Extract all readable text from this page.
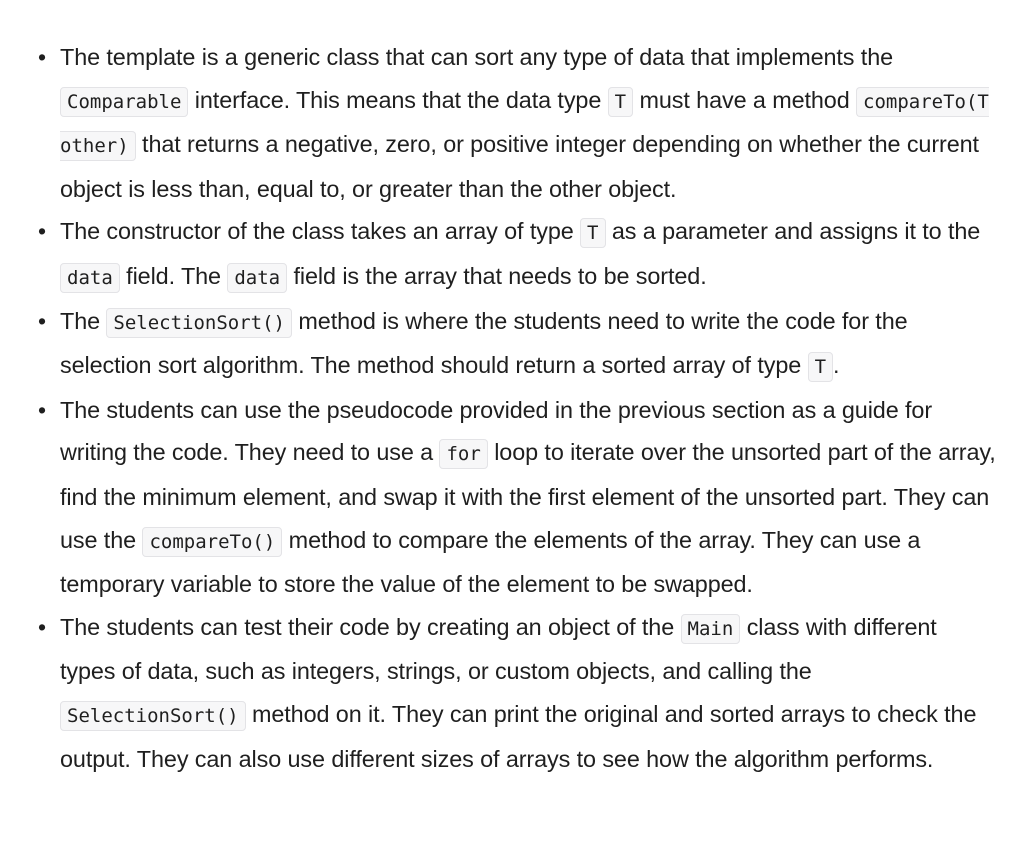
• The template is a generic class that can sort any type of data that implements the Comparable interface. This means that the data type T must have a method compareTo(T other) that returns a negative, zero, or positive integer depending on whether the current object is less than, equal to, or greater than the other object.
• The constructor of the class takes an array of type T as a parameter and assigns it to the data field. The data field is the array that needs to be sorted.
• The SelectionSort() method is where the students need to write the code for the selection sort algorithm. The method should return a sorted array of type T .
• The students can use the pseudocode provided in the previous section as a guide for writing the code. They need to use a for loop to iterate over the unsorted part of the array, find the minimum element, and swap it with the first element of the unsorted part. They can use the compareTo() method to compare the elements of the array. They can use a temporary variable to store the value of the element to be swapped.
• The students can test their code by creating an object of the Main class with different types of data, such as integers, strings, or custom objects, and calling the SelectionSort() method on it. They can print the original and sorted arrays to check the output. They can also use different sizes of arrays to see how the algorithm performs.
